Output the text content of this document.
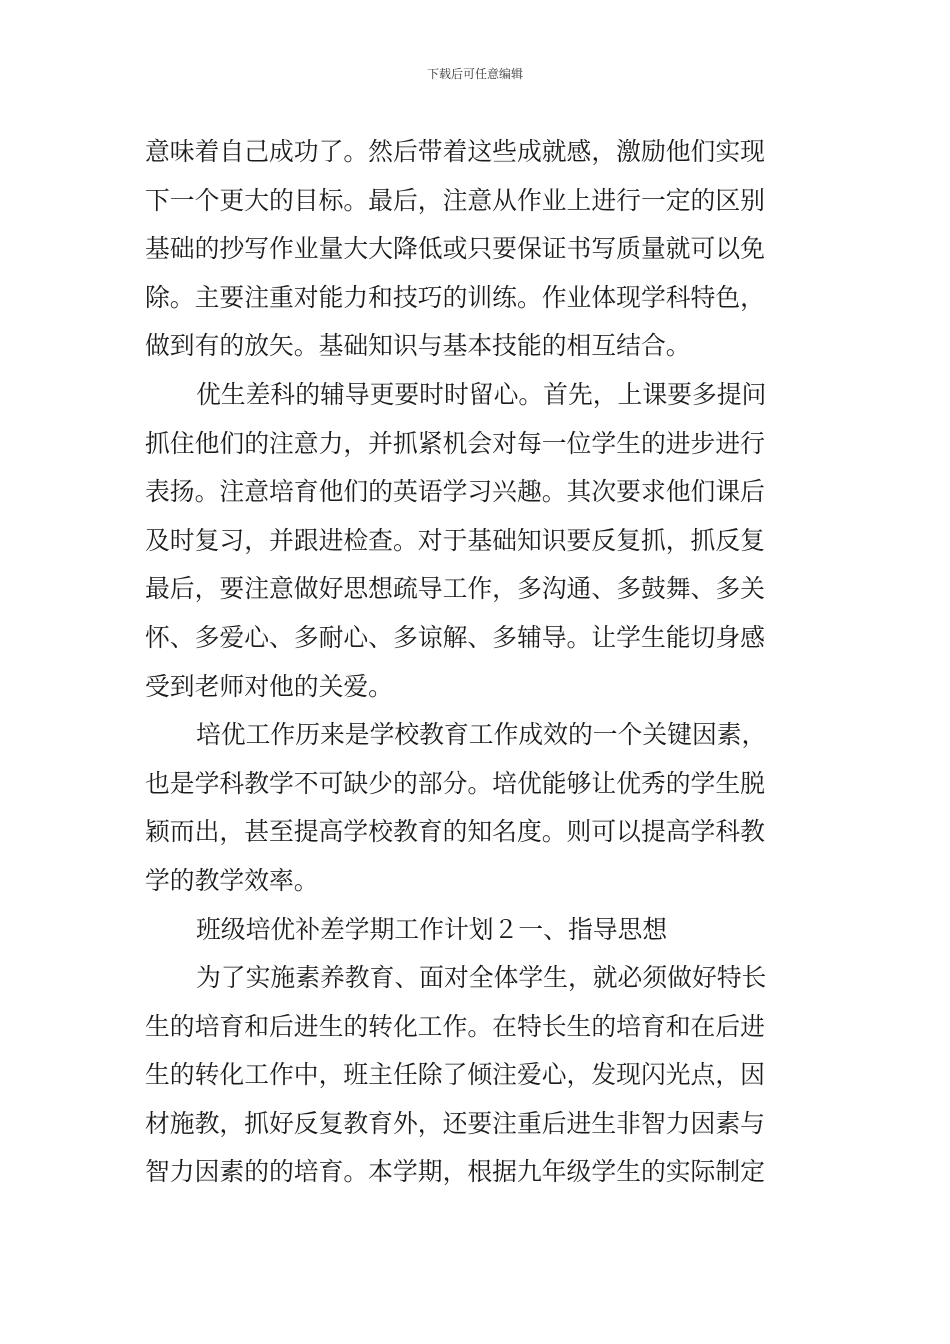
下载后可任意编辑
意味着自己成功了。然后带着这些成就感，激励他们实现
下一个更大的目标。最后，注意从作业上进行一定的区别
基础的抄写作业量大大降低或只要保证书写质量就可以免
除。主要注重对能力和技巧的训练。作业体现学科特色，
做到有的放矢。基础知识与基本技能的相互结合。
优生差科的辅导更要时时留心。首先，上课要多提问
抓住他们的注意力，并抓紧机会对每一位学生的进步进行
表扬。注意培育他们的英语学习兴趣。其次要求他们课后
及时复习，并跟进检查。对于基础知识要反复抓，抓反复
最后，要注意做好思想疏导工作，多沟通、多鼓舞、多关
怀、多爱心、多耐心、多谅解、多辅导。让学生能切身感
受到老师对他的关爱。
培优工作历来是学校教育工作成效的一个关键因素，
也是学科教学不可缺少的部分。培优能够让优秀的学生脱
颖而出，甚至提高学校教育的知名度。则可以提高学科教
学的教学效率。
班级培优补差学期工作计划２一、指导思想
为了实施素养教育、面对全体学生，就必须做好特长
生的培育和后进生的转化工作。在特长生的培育和在后进
生的转化工作中，班主任除了倾注爱心，发现闪光点，因
材施教，抓好反复教育外，还要注重后进生非智力因素与
智力因素的的培育。本学期，根据九年级学生的实际制定
